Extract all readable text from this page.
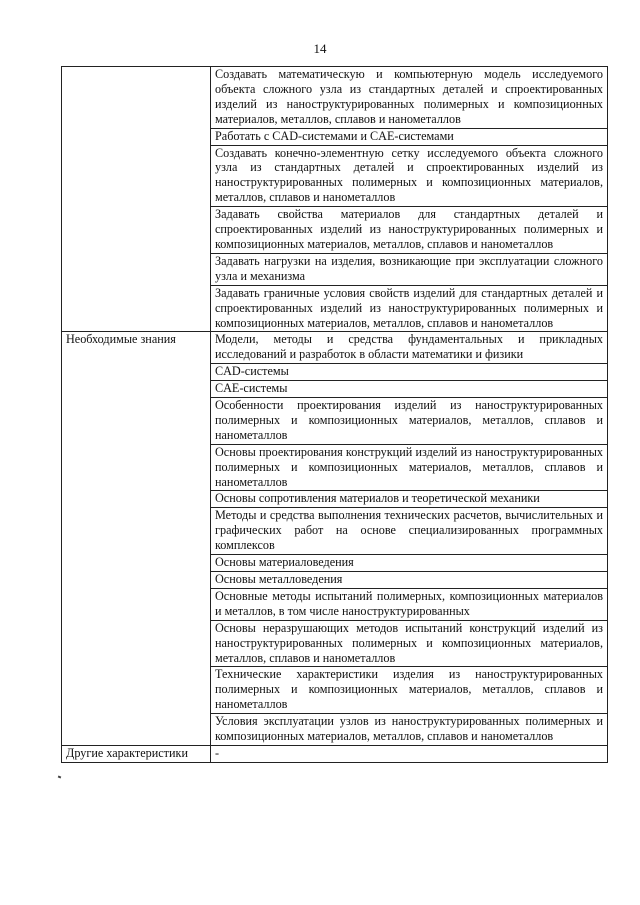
14

	Создавать математическую и компьютерную модель исследуемого объекта сложного узла из стандартных деталей и спроектированных изделий из наноструктурированных полимерных и композиционных материалов, металлов, сплавов и нанометаллов

	Работать с CAD-системами и CAE-системами

	Создавать конечно-элементную сетку исследуемого объекта сложного узла из стандартных деталей и спроектированных изделий из наноструктурированных полимерных и композиционных материалов, металлов, сплавов и нанометаллов

	Задавать свойства материалов для стандартных деталей и спроектированных изделий из наноструктурированных полимерных и композиционных материалов, металлов, сплавов и нанометаллов

	Задавать нагрузки на изделия, возникающие при эксплуатации сложного узла и механизма

	Задавать граничные условия свойств изделий для стандартных деталей и спроектированных изделий из наноструктурированных полимерных и композиционных материалов, металлов, сплавов и нанометаллов

Необходимые знания	Модели, методы и средства фундаментальных и прикладных исследований и разработок в области математики и физики

	CAD-системы

	CAE-системы

	Особенности проектирования изделий из наноструктурированных полимерных и композиционных материалов, металлов, сплавов и нанометаллов

	Основы проектирования конструкций изделий из наноструктурированных полимерных и композиционных материалов, металлов, сплавов и нанометаллов

	Основы сопротивления материалов и теоретической механики

	Методы и средства выполнения технических расчетов, вычислительных и графических работ на основе специализированных программных комплексов

	Основы материаловедения

	Основы металловедения

	Основные методы испытаний полимерных, композиционных материалов и металлов, в том числе наноструктурированных

	Основы неразрушающих методов испытаний конструкций изделий из наноструктурированных полимерных и композиционных материалов, металлов, сплавов и нанометаллов

	Технические характеристики изделия из наноструктурированных полимерных и композиционных материалов, металлов, сплавов и нанометаллов

	Условия эксплуатации узлов из наноструктурированных полимерных и композиционных материалов, металлов, сплавов и нанометаллов

Другие характеристики	-
